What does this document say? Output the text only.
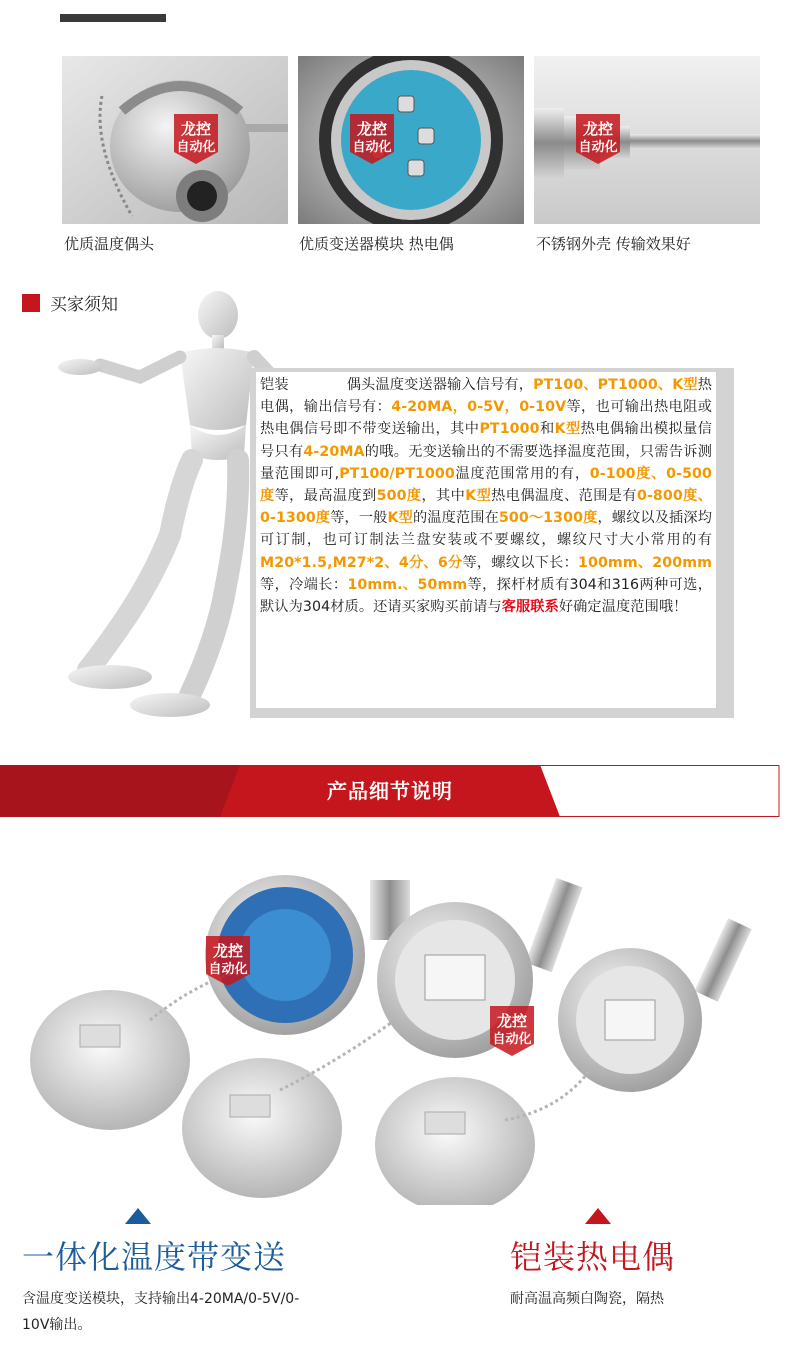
优质温度偶头	优质变送器模块 热电偶	不锈钢外壳 传输效果好
龙控
自动化
龙控
自动化
龙控
自动化
买家须知
铠装	偶头温度变送器输入信号有，PT100、PT1000、K型热电偶，输出信号有：4-20MA，0-5V，0-10V等，也可输出热电阻或热电偶信号即不带变送输出，其中PT1000和K型热电偶输出模拟量信号只有4-20MA的哦。无变送输出的不需要选择温度范围，只需告诉测量范围即可,PT100/PT1000温度范围常用的有，0-100度、0-500度等，最高温度到500度，其中K型热电偶温度、范围是有0-800度、0-1300度等，一般K型的温度范围在500～1300度，螺纹以及插深均可订制，也可订制法兰盘安装或不要螺纹，螺纹尺寸大小常用的有M20*1.5,M27*2、4分、6分等，螺纹以下长：100mm、200mm等，冷端长：10mm.、50mm等，探杆材质有304和316两种可选，默认为304材质。还请买家购买前请与客服联系好确定温度范围哦！
产品细节说明
龙控
自动化
龙控
自动化
一体化温度带变送	铠装热电偶
含温度变送模块，支持输出4-20MA/0-5V/0-10V输出。
耐高温高频白陶瓷，隔热
